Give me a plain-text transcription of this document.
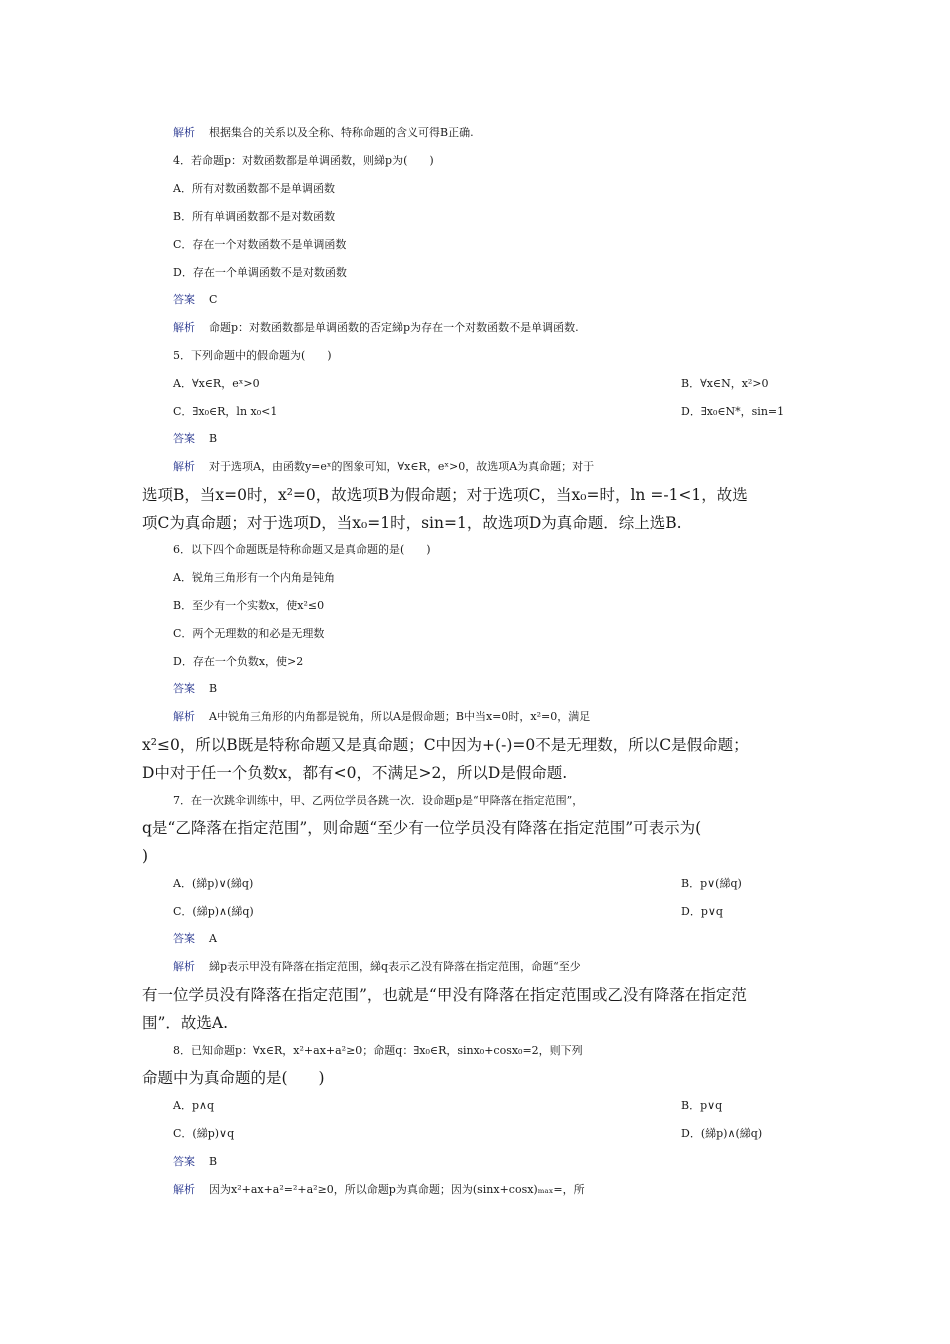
解析 根据集合的关系以及全称、特称命题的含义可得B正确.
4．若命题p：对数函数都是单调函数，则綈p为(　　)
A．所有对数函数都不是单调函数
B．所有单调函数都不是对数函数
C．存在一个对数函数不是单调函数
D．存在一个单调函数不是对数函数
答案 C
解析 命题p：对数函数都是单调函数的否定綈p为存在一个对数函数不是单调函数.
5．下列命题中的假命题为(　　)
A．∀x∈R，eˣ>0	B．∀x∈N，x²>0
C．∃x₀∈R，ln x₀<1	D．∃x₀∈N*，sin=1
答案 B
解析 对于选项A，由函数y=eˣ的图象可知，∀x∈R，eˣ>0，故选项A为真命题；对于
选项B，当x=0时，x²=0，故选项B为假命题；对于选项C，当x₀=时，ln =-1<1，故选
项C为真命题；对于选项D，当x₀=1时，sin=1，故选项D为真命题．综上选B.
6．以下四个命题既是特称命题又是真命题的是(　　)
A．锐角三角形有一个内角是钝角
B．至少有一个实数x，使x²≤0
C．两个无理数的和必是无理数
D．存在一个负数x，使>2
答案 B
解析 A中锐角三角形的内角都是锐角，所以A是假命题；B中当x=0时，x²=0，满足
x²≤0，所以B既是特称命题又是真命题；C中因为+(-)=0不是无理数，所以C是假命题；
D中对于任一个负数x，都有<0，不满足>2，所以D是假命题.
7．在一次跳伞训练中，甲、乙两位学员各跳一次．设命题p是“甲降落在指定范围”，
q是“乙降落在指定范围”，则命题“至少有一位学员没有降落在指定范围”可表示为(
)
A．(綈p)∨(綈q)	B．p∨(綈q)
C．(綈p)∧(綈q)	D．p∨q
答案 A
解析 綈p表示甲没有降落在指定范围，綈q表示乙没有降落在指定范围，命题“至少
有一位学员没有降落在指定范围”，也就是“甲没有降落在指定范围或乙没有降落在指定范
围”．故选A.
8．已知命题p：∀x∈R，x²+ax+a²≥0；命题q：∃x₀∈R，sinx₀+cosx₀=2，则下列
命题中为真命题的是(　　)
A．p∧q	B．p∨q
C．(綈p)∨q	D．(綈p)∧(綈q)
答案 B
解析 因为x²+ax+a²=²+a²≥0，所以命题p为真命题；因为(sinx+cosx)ₘₐₓ=，所
